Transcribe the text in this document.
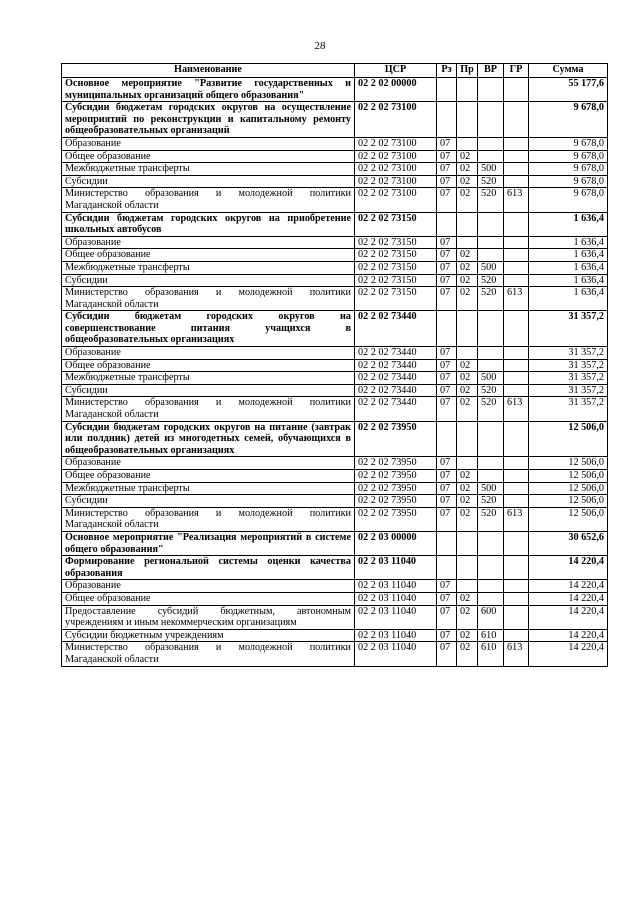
28
Наименование	ЦСР	Рз	Пр	ВР	ГР	Сумма
Основное мероприятие "Развитие государственных и муниципальных организаций общего образования"	02 2 02 00000					55 177,6
Субсидии бюджетам городских округов на осуществление мероприятий по реконструкции и капитальному ремонту общеобразовательных организаций	02 2 02 73100					9 678,0
Образование	02 2 02 73100	07				9 678,0
Общее образование	02 2 02 73100	07	02			9 678,0
Межбюджетные трансферты	02 2 02 73100	07	02	500		9 678,0
Субсидии	02 2 02 73100	07	02	520		9 678,0
Министерство образования и молодежной политики Магаданской области	02 2 02 73100	07	02	520	613	9 678,0
Субсидии бюджетам городских округов на приобретение школьных автобусов	02 2 02 73150					1 636,4
Образование	02 2 02 73150	07				1 636,4
Общее образование	02 2 02 73150	07	02			1 636,4
Межбюджетные трансферты	02 2 02 73150	07	02	500		1 636,4
Субсидии	02 2 02 73150	07	02	520		1 636,4
Министерство образования и молодежной политики Магаданской области	02 2 02 73150	07	02	520	613	1 636,4
Субсидии бюджетам городских округов на совершенствование питания учащихся в общеобразовательных организациях	02 2 02 73440					31 357,2
Образование	02 2 02 73440	07				31 357,2
Общее образование	02 2 02 73440	07	02			31 357,2
Межбюджетные трансферты	02 2 02 73440	07	02	500		31 357,2
Субсидии	02 2 02 73440	07	02	520		31 357,2
Министерство образования и молодежной политики Магаданской области	02 2 02 73440	07	02	520	613	31 357,2
Субсидии бюджетам городских округов на питание (завтрак или полдник) детей из многодетных семей, обучающихся в общеобразовательных организациях	02 2 02 73950					12 506,0
Образование	02 2 02 73950	07				12 506,0
Общее образование	02 2 02 73950	07	02			12 506,0
Межбюджетные трансферты	02 2 02 73950	07	02	500		12 506,0
Субсидии	02 2 02 73950	07	02	520		12 506,0
Министерство образования и молодежной политики Магаданской области	02 2 02 73950	07	02	520	613	12 506,0
Основное мероприятие "Реализация мероприятий в системе общего образования"	02 2 03 00000					30 652,6
Формирование региональной системы оценки качества образования	02 2 03 11040					14 220,4
Образование	02 2 03 11040	07				14 220,4
Общее образование	02 2 03 11040	07	02			14 220,4
Предоставление субсидий бюджетным, автономным учреждениям и иным некоммерческим организациям	02 2 03 11040	07	02	600		14 220,4
Субсидии бюджетным учреждениям	02 2 03 11040	07	02	610		14 220,4
Министерство образования и молодежной политики Магаданской области	02 2 03 11040	07	02	610	613	14 220,4
